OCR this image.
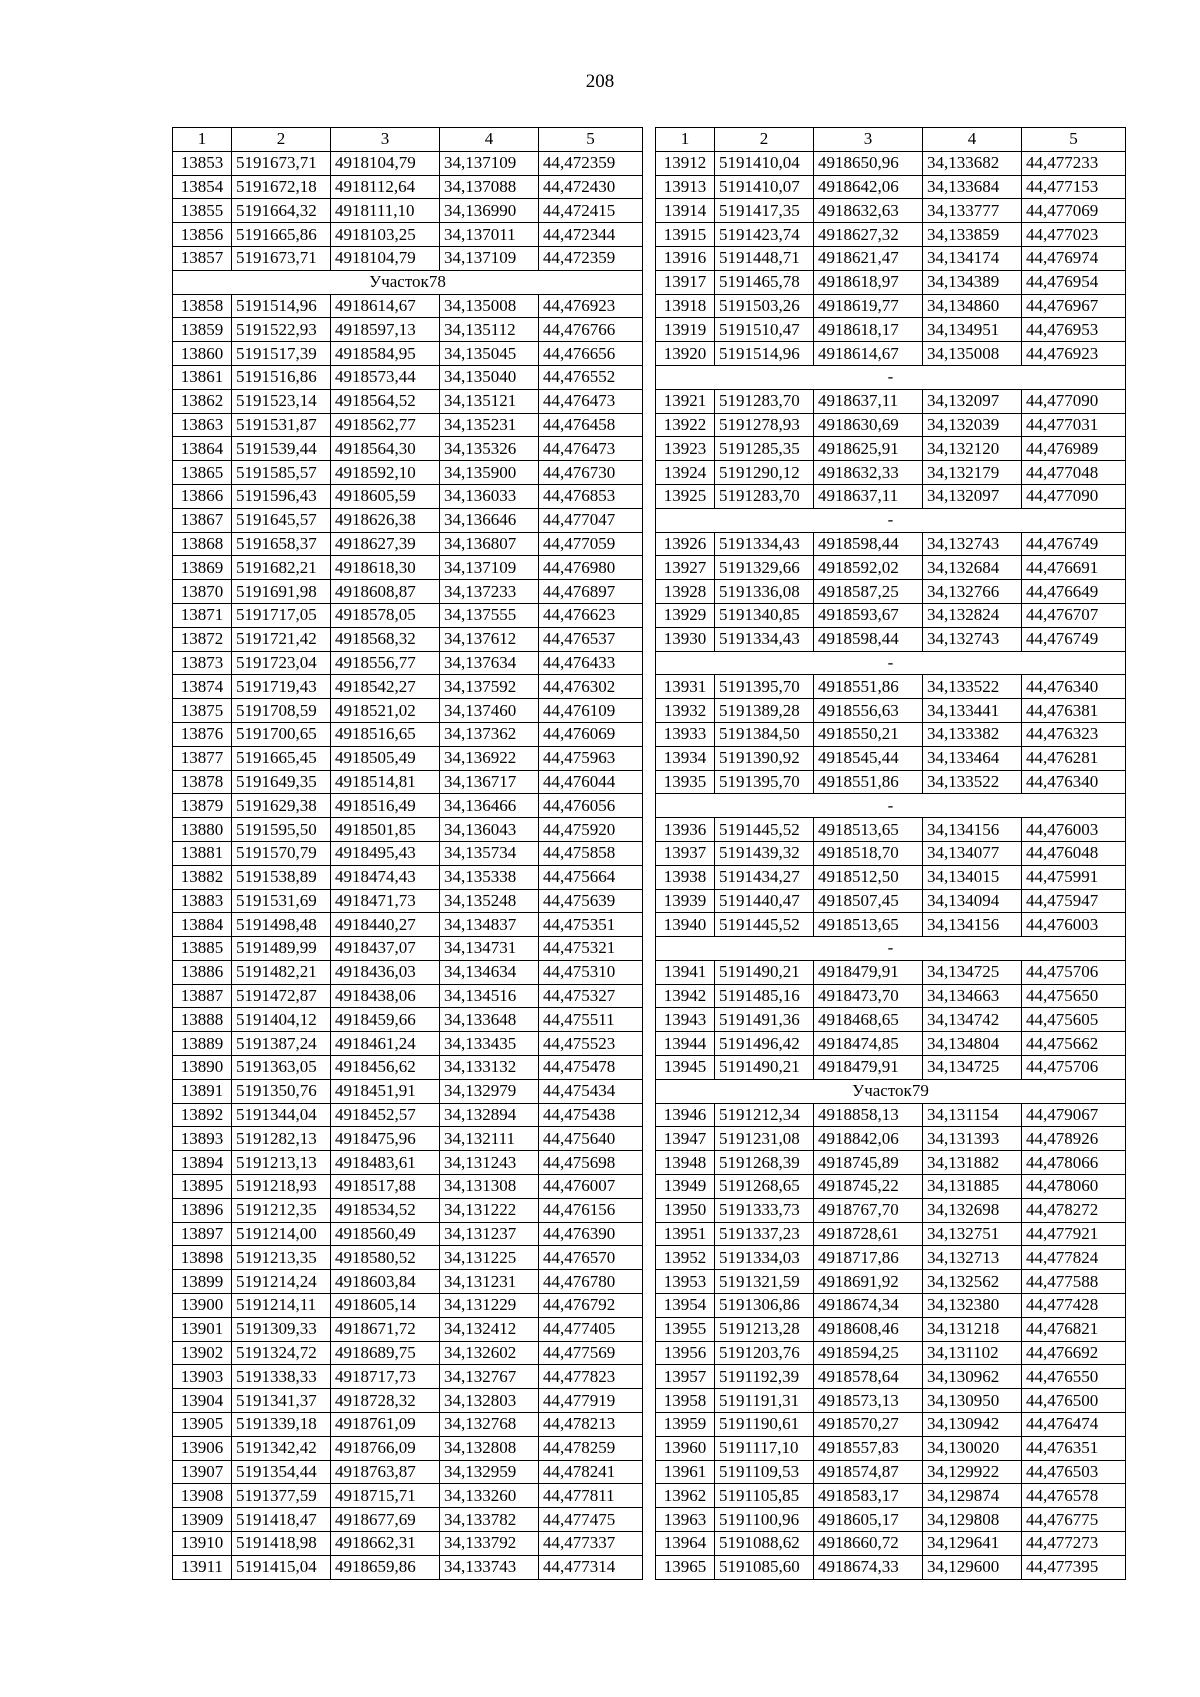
208
1	2	3	4	5
13853	5191673,71	4918104,79	34,137109	44,472359
13854	5191672,18	4918112,64	34,137088	44,472430
13855	5191664,32	4918111,10	34,136990	44,472415
13856	5191665,86	4918103,25	34,137011	44,472344
13857	5191673,71	4918104,79	34,137109	44,472359
Участок78				
13858	5191514,96	4918614,67	34,135008	44,476923
13859	5191522,93	4918597,13	34,135112	44,476766
13860	5191517,39	4918584,95	34,135045	44,476656
13861	5191516,86	4918573,44	34,135040	44,476552
13862	5191523,14	4918564,52	34,135121	44,476473
13863	5191531,87	4918562,77	34,135231	44,476458
13864	5191539,44	4918564,30	34,135326	44,476473
13865	5191585,57	4918592,10	34,135900	44,476730
13866	5191596,43	4918605,59	34,136033	44,476853
13867	5191645,57	4918626,38	34,136646	44,477047
13868	5191658,37	4918627,39	34,136807	44,477059
13869	5191682,21	4918618,30	34,137109	44,476980
13870	5191691,98	4918608,87	34,137233	44,476897
13871	5191717,05	4918578,05	34,137555	44,476623
13872	5191721,42	4918568,32	34,137612	44,476537
13873	5191723,04	4918556,77	34,137634	44,476433
13874	5191719,43	4918542,27	34,137592	44,476302
13875	5191708,59	4918521,02	34,137460	44,476109
13876	5191700,65	4918516,65	34,137362	44,476069
13877	5191665,45	4918505,49	34,136922	44,475963
13878	5191649,35	4918514,81	34,136717	44,476044
13879	5191629,38	4918516,49	34,136466	44,476056
13880	5191595,50	4918501,85	34,136043	44,475920
13881	5191570,79	4918495,43	34,135734	44,475858
13882	5191538,89	4918474,43	34,135338	44,475664
13883	5191531,69	4918471,73	34,135248	44,475639
13884	5191498,48	4918440,27	34,134837	44,475351
13885	5191489,99	4918437,07	34,134731	44,475321
13886	5191482,21	4918436,03	34,134634	44,475310
13887	5191472,87	4918438,06	34,134516	44,475327
13888	5191404,12	4918459,66	34,133648	44,475511
13889	5191387,24	4918461,24	34,133435	44,475523
13890	5191363,05	4918456,62	34,133132	44,475478
13891	5191350,76	4918451,91	34,132979	44,475434
13892	5191344,04	4918452,57	34,132894	44,475438
13893	5191282,13	4918475,96	34,132111	44,475640
13894	5191213,13	4918483,61	34,131243	44,475698
13895	5191218,93	4918517,88	34,131308	44,476007
13896	5191212,35	4918534,52	34,131222	44,476156
13897	5191214,00	4918560,49	34,131237	44,476390
13898	5191213,35	4918580,52	34,131225	44,476570
13899	5191214,24	4918603,84	34,131231	44,476780
13900	5191214,11	4918605,14	34,131229	44,476792
13901	5191309,33	4918671,72	34,132412	44,477405
13902	5191324,72	4918689,75	34,132602	44,477569
13903	5191338,33	4918717,73	34,132767	44,477823
13904	5191341,37	4918728,32	34,132803	44,477919
13905	5191339,18	4918761,09	34,132768	44,478213
13906	5191342,42	4918766,09	34,132808	44,478259
13907	5191354,44	4918763,87	34,132959	44,478241
13908	5191377,59	4918715,71	34,133260	44,477811
13909	5191418,47	4918677,69	34,133782	44,477475
13910	5191418,98	4918662,31	34,133792	44,477337
13911	5191415,04	4918659,86	34,133743	44,477314
1	2	3	4	5
13912	5191410,04	4918650,96	34,133682	44,477233
13913	5191410,07	4918642,06	34,133684	44,477153
13914	5191417,35	4918632,63	34,133777	44,477069
13915	5191423,74	4918627,32	34,133859	44,477023
13916	5191448,71	4918621,47	34,134174	44,476974
13917	5191465,78	4918618,97	34,134389	44,476954
13918	5191503,26	4918619,77	34,134860	44,476967
13919	5191510,47	4918618,17	34,134951	44,476953
13920	5191514,96	4918614,67	34,135008	44,476923
-				
13921	5191283,70	4918637,11	34,132097	44,477090
13922	5191278,93	4918630,69	34,132039	44,477031
13923	5191285,35	4918625,91	34,132120	44,476989
13924	5191290,12	4918632,33	34,132179	44,477048
13925	5191283,70	4918637,11	34,132097	44,477090
-				
13926	5191334,43	4918598,44	34,132743	44,476749
13927	5191329,66	4918592,02	34,132684	44,476691
13928	5191336,08	4918587,25	34,132766	44,476649
13929	5191340,85	4918593,67	34,132824	44,476707
13930	5191334,43	4918598,44	34,132743	44,476749
-				
13931	5191395,70	4918551,86	34,133522	44,476340
13932	5191389,28	4918556,63	34,133441	44,476381
13933	5191384,50	4918550,21	34,133382	44,476323
13934	5191390,92	4918545,44	34,133464	44,476281
13935	5191395,70	4918551,86	34,133522	44,476340
-				
13936	5191445,52	4918513,65	34,134156	44,476003
13937	5191439,32	4918518,70	34,134077	44,476048
13938	5191434,27	4918512,50	34,134015	44,475991
13939	5191440,47	4918507,45	34,134094	44,475947
13940	5191445,52	4918513,65	34,134156	44,476003
-				
13941	5191490,21	4918479,91	34,134725	44,475706
13942	5191485,16	4918473,70	34,134663	44,475650
13943	5191491,36	4918468,65	34,134742	44,475605
13944	5191496,42	4918474,85	34,134804	44,475662
13945	5191490,21	4918479,91	34,134725	44,475706
Участок79				
13946	5191212,34	4918858,13	34,131154	44,479067
13947	5191231,08	4918842,06	34,131393	44,478926
13948	5191268,39	4918745,89	34,131882	44,478066
13949	5191268,65	4918745,22	34,131885	44,478060
13950	5191333,73	4918767,70	34,132698	44,478272
13951	5191337,23	4918728,61	34,132751	44,477921
13952	5191334,03	4918717,86	34,132713	44,477824
13953	5191321,59	4918691,92	34,132562	44,477588
13954	5191306,86	4918674,34	34,132380	44,477428
13955	5191213,28	4918608,46	34,131218	44,476821
13956	5191203,76	4918594,25	34,131102	44,476692
13957	5191192,39	4918578,64	34,130962	44,476550
13958	5191191,31	4918573,13	34,130950	44,476500
13959	5191190,61	4918570,27	34,130942	44,476474
13960	5191117,10	4918557,83	34,130020	44,476351
13961	5191109,53	4918574,87	34,129922	44,476503
13962	5191105,85	4918583,17	34,129874	44,476578
13963	5191100,96	4918605,17	34,129808	44,476775
13964	5191088,62	4918660,72	34,129641	44,477273
13965	5191085,60	4918674,33	34,129600	44,477395
